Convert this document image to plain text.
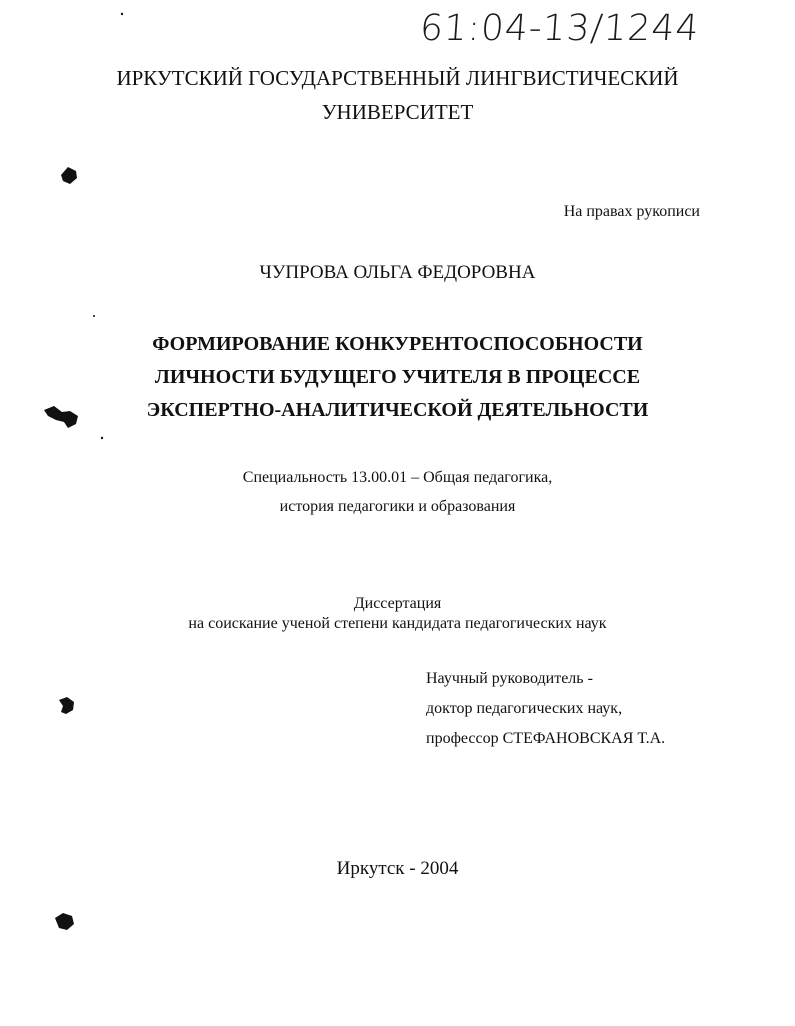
61:04-13/1244
ИРКУТСКИЙ ГОСУДАРСТВЕННЫЙ ЛИНГВИСТИЧЕСКИЙ
УНИВЕРСИТЕТ
На правах рукописи
ЧУПРОВА ОЛЬГА ФЕДОРОВНА
ФОРМИРОВАНИЕ КОНКУРЕНТОСПОСОБНОСТИ
ЛИЧНОСТИ БУДУЩЕГО УЧИТЕЛЯ В ПРОЦЕССЕ
ЭКСПЕРТНО-АНАЛИТИЧЕСКОЙ ДЕЯТЕЛЬНОСТИ
Специальность 13.00.01 – Общая педагогика,
история педагогики и образования
Диссертация
на соискание ученой степени кандидата педагогических наук
Научный руководитель -
доктор педагогических наук,
профессор СТЕФАНОВСКАЯ Т.А.
Иркутск - 2004
